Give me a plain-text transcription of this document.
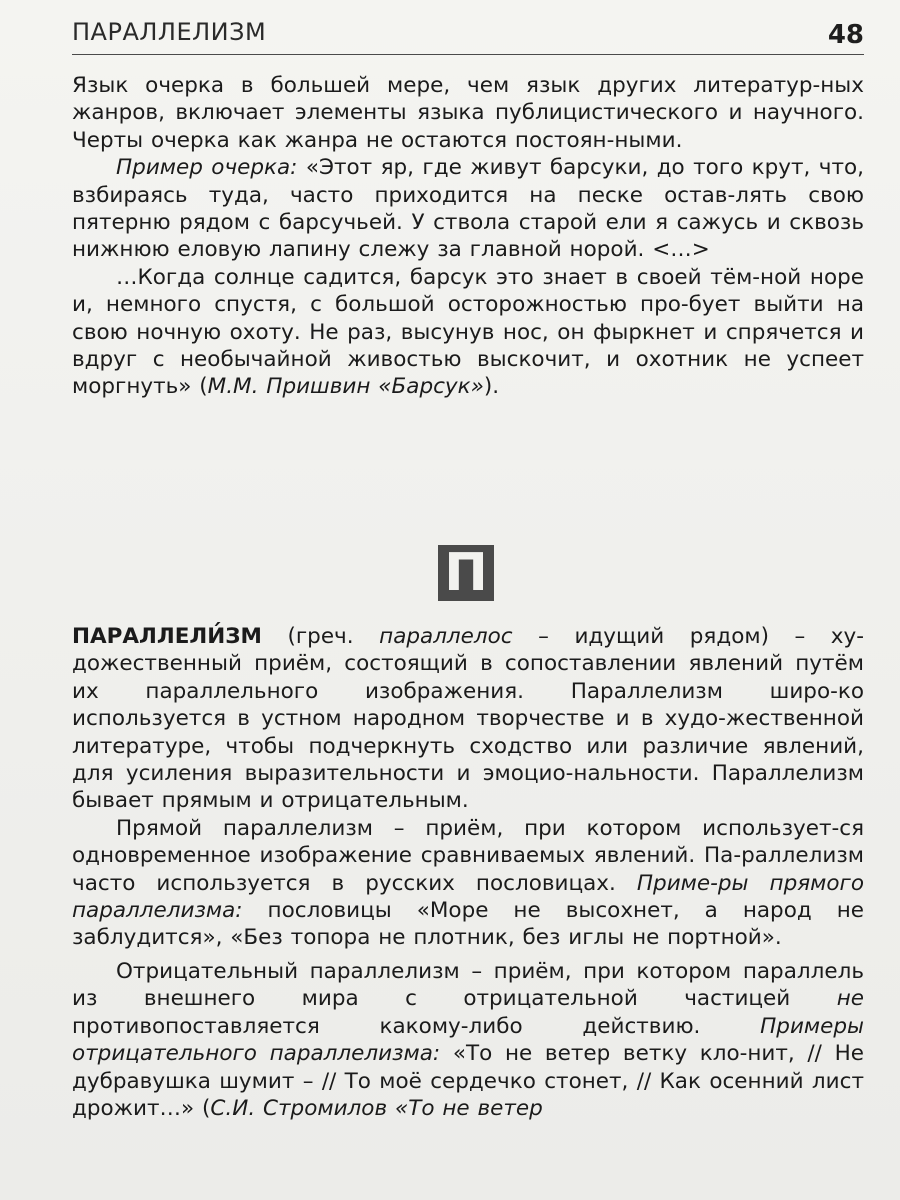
ПАРАЛЛЕЛИЗМ	48

Язык очерка в большей мере, чем язык других литератур-ных жанров, включает элементы языка публицистического и научного. Черты очерка как жанра не остаются постоян-ными.

Пример очерка: «Этот яр, где живут барсуки, до того крут, что, взбираясь туда, часто приходится на песке остав-лять свою пятерню рядом с барсучьей. У ствола старой ели я сажусь и сквозь нижнюю еловую лапину слежу за главной норой. <…>

…Когда солнце садится, барсук это знает в своей тём-ной норе и, немного спустя, с большой осторожностью про-бует выйти на свою ночную охоту. Не раз, высунув нос, он фыркнет и спрячется и вдруг с необычайной живостью выскочит, и охотник не успеет моргнуть» (М.М. Пришвин «Барсук»).

П

ПАРАЛЛЕЛИ́ЗМ (греч. параллелос – идущий рядом) – ху-дожественный приём, состоящий в сопоставлении явлений путём их параллельного изображения. Параллелизм широ-ко используется в устном народном творчестве и в худо-жественной литературе, чтобы подчеркнуть сходство или различие явлений, для усиления выразительности и эмоцио-нальности. Параллелизм бывает прямым и отрицательным.

Прямой параллелизм – приём, при котором использует-ся одновременное изображение сравниваемых явлений. Па-раллелизм часто используется в русских пословицах. Приме-ры прямого параллелизма: пословицы «Море не высохнет, а народ не заблудится», «Без топора не плотник, без иглы не портной».

Отрицательный параллелизм – приём, при котором параллель из внешнего мира с отрицательной частицей не противопоставляется какому-либо действию. Примеры отрицательного параллелизма: «То не ветер ветку кло-нит, // Не дубравушка шумит – // То моё сердечко стонет, // Как осенний лист дрожит…» (С.И. Стромилов «То не ветер
